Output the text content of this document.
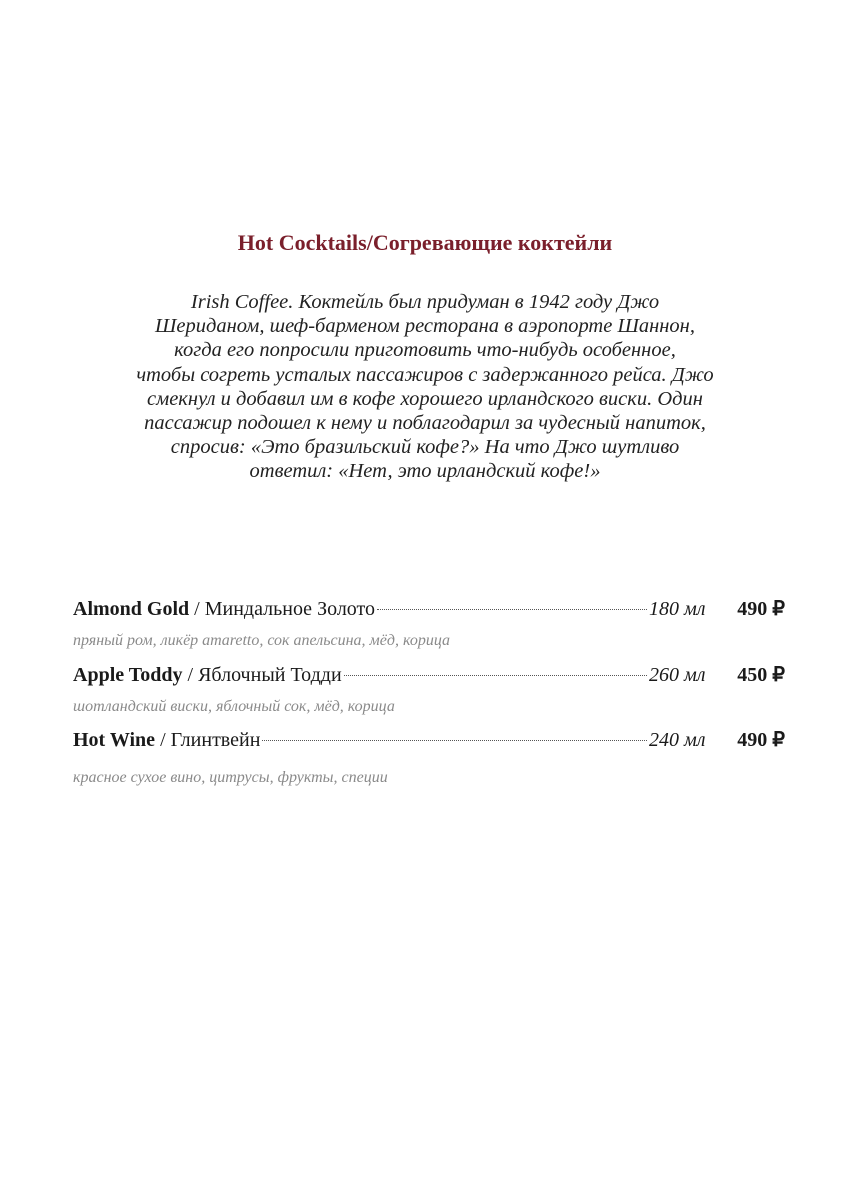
Hot Cocktails/Согревающие коктейли
Irish Coffee. Коктейль был придуман в 1942 году Джо
Шериданом, шеф-барменом ресторана в аэропорте Шаннон,
когда его попросили приготовить что-нибудь особенное,
чтобы согреть усталых пассажиров с задержанного рейса. Джо
смекнул и добавил им в кофе хорошего ирландского виски. Один
пассажир подошел к нему и поблагодарил за чудесный напиток,
спросив: «Это бразильский кофе?» На что Джо шутливо
ответил: «Нет, это ирландский кофе!»
Almond Gold / Миндальное Золото	180 мл	490 ₽
пряный ром, ликёр amaretto, сок апельсина, мёд, корица
Apple Toddy / Яблочный Тодди	260 мл	450 ₽
шотландский виски, яблочный сок, мёд, корица
Hot Wine / Глинтвейн	240 мл	490 ₽
красное сухое вино, цитрусы, фрукты, специи
